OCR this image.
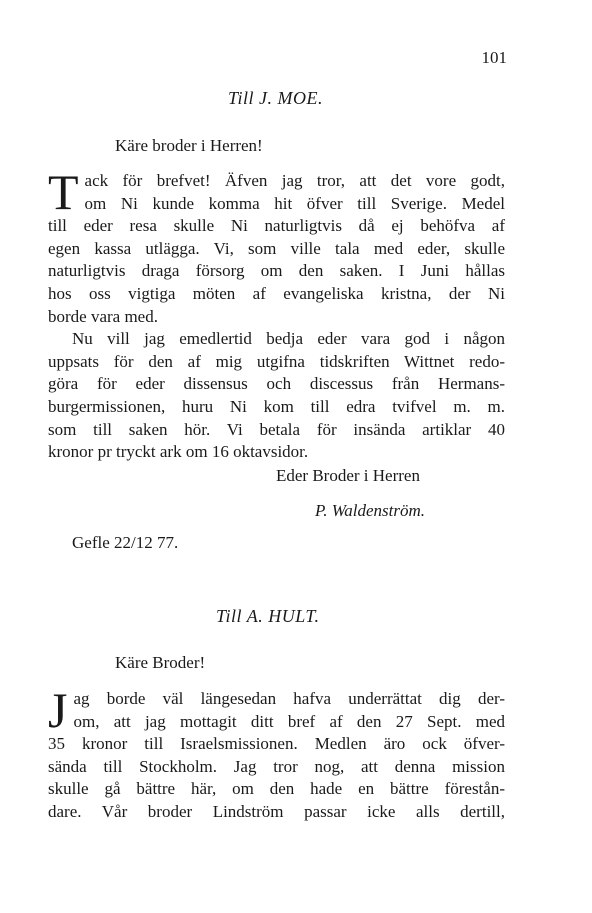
101
Till J. MOE.
Käre broder i Herren!
T ack för brefvet! Äfven jag tror, att det vore godt,
om Ni kunde komma hit öfver till Sverige. Medel
till eder resa skulle Ni naturligtvis då ej behöfva af
egen kassa utlägga. Vi, som ville tala med eder, skulle
naturligtvis draga försorg om den saken. I Juni hållas
hos oss vigtiga möten af evangeliska kristna, der Ni
borde vara med.
Nu vill jag emedlertid bedja eder vara god i någon
uppsats för den af mig utgifna tidskriften Wittnet redo-
göra för eder dissensus och discessus från Hermans-
burgermissionen, huru Ni kom till edra tvifvel m. m.
som till saken hör. Vi betala för insända artiklar 40
kronor pr tryckt ark om 16 oktavsidor.
Eder Broder i Herren
P. Waldenström.
Gefle 22/12 77.
Till A. HULT.
Käre Broder!
J ag borde väl längesedan hafva underrättat dig der-
om, att jag mottagit ditt bref af den 27 Sept. med
35 kronor till Israelsmissionen. Medlen äro ock öfver-
sända till Stockholm. Jag tror nog, att denna mission
skulle gå bättre här, om den hade en bättre förestån-
dare. Vår broder Lindström passar icke alls dertill,
